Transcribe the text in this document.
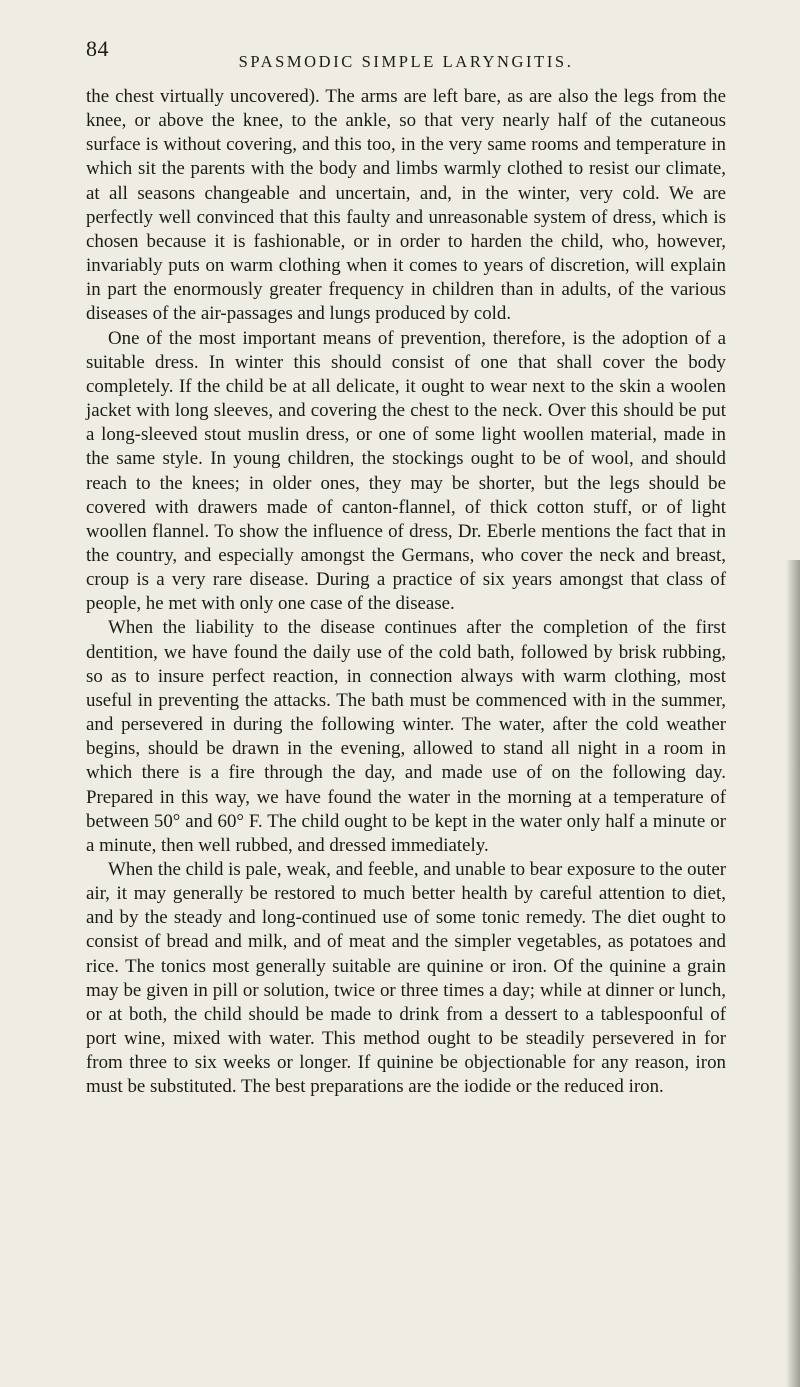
84
SPASMODIC SIMPLE LARYNGITIS.

the chest virtually uncovered). The arms are left bare, as are also the legs from the knee, or above the knee, to the ankle, so that very nearly half of the cutaneous surface is without covering, and this too, in the very same rooms and temperature in which sit the parents with the body and limbs warmly clothed to resist our climate, at all seasons changeable and uncertain, and, in the winter, very cold. We are perfectly well convinced that this faulty and unreasonable system of dress, which is chosen because it is fashionable, or in order to harden the child, who, however, invariably puts on warm clothing when it comes to years of discretion, will explain in part the enormously greater frequency in children than in adults, of the various diseases of the air-passages and lungs produced by cold.

One of the most important means of prevention, therefore, is the adoption of a suitable dress. In winter this should consist of one that shall cover the body completely. If the child be at all delicate, it ought to wear next to the skin a woolen jacket with long sleeves, and covering the chest to the neck. Over this should be put a long-sleeved stout muslin dress, or one of some light woollen material, made in the same style. In young children, the stockings ought to be of wool, and should reach to the knees; in older ones, they may be shorter, but the legs should be covered with drawers made of canton-flannel, of thick cotton stuff, or of light woollen flannel. To show the influence of dress, Dr. Eberle mentions the fact that in the country, and especially amongst the Germans, who cover the neck and breast, croup is a very rare disease. During a practice of six years amongst that class of people, he met with only one case of the disease.

When the liability to the disease continues after the completion of the first dentition, we have found the daily use of the cold bath, followed by brisk rubbing, so as to insure perfect reaction, in connection always with warm clothing, most useful in preventing the attacks. The bath must be commenced with in the summer, and persevered in during the following winter. The water, after the cold weather begins, should be drawn in the evening, allowed to stand all night in a room in which there is a fire through the day, and made use of on the following day. Prepared in this way, we have found the water in the morning at a temperature of between 50° and 60° F. The child ought to be kept in the water only half a minute or a minute, then well rubbed, and dressed immediately.

When the child is pale, weak, and feeble, and unable to bear exposure to the outer air, it may generally be restored to much better health by careful attention to diet, and by the steady and long-continued use of some tonic remedy. The diet ought to consist of bread and milk, and of meat and the simpler vegetables, as potatoes and rice. The tonics most generally suitable are quinine or iron. Of the quinine a grain may be given in pill or solution, twice or three times a day; while at dinner or lunch, or at both, the child should be made to drink from a dessert to a tablespoonful of port wine, mixed with water. This method ought to be steadily persevered in for from three to six weeks or longer. If quinine be objectionable for any reason, iron must be substituted. The best preparations are the iodide or the reduced iron.
